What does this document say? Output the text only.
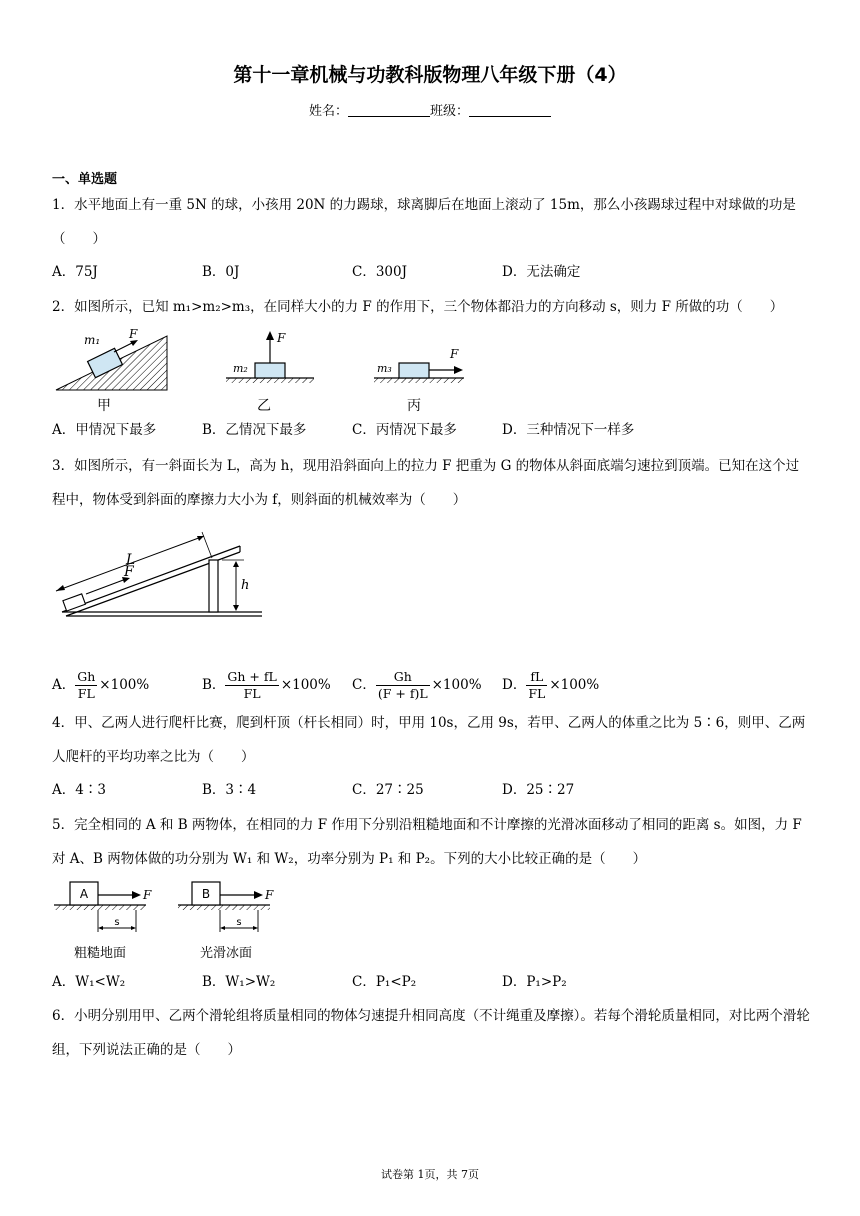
第十一章机械与功教科版物理八年级下册（4）
姓名：	班级：
一、单选题
1．水平地面上有一重 5N 的球，小孩用 20N 的力踢球，球离脚后在地面上滚动了 15m，那么小孩踢球过程中对球做的功是（　　）
A．75J	B．0J	C．300J	D．无法确定
2．如图所示，已知 m₁>m₂>m₃，在同样大小的力 F 的作用下，三个物体都沿力的方向移动 s，则力 F 所做的功（　　）
m₁ F
m₂
F
m₃
F
甲	乙	丙
A．甲情况下最多	B．乙情况下最多	C．丙情况下最多	D．三种情况下一样多
3．如图所示，有一斜面长为 L，高为 h，现用沿斜面向上的拉力 F 把重为 G 的物体从斜面底端匀速拉到顶端。已知在这个过程中，物体受到斜面的摩擦力大小为 f，则斜面的机械效率为（　　）
L
F
h
A． $\frac{Gh}{FL} \times 100\%$	B． $\frac{Gh + fL}{FL} \times 100\%$ C． $\frac{Gh}{(F + f)L} \times 100\%$ D． $\frac{fL}{FL} \times 100\%$
4．甲、乙两人进行爬杆比赛，爬到杆顶（杆长相同）时，甲用 10s，乙用 9s，若甲、乙两人的体重之比为 5∶6，则甲、乙两人爬杆的平均功率之比为（　　）
A．4∶3	B．3∶4	C．27∶25	D．25∶27
5．完全相同的 A 和 B 两物体，在相同的力 F 作用下分别沿粗糙地面和不计摩擦的光滑冰面移动了相同的距离 s。如图，力 F 对 A、B 两物体做的功分别为 W₁ 和 W₂，功率分别为 P₁ 和 P₂。下列的大小比较正确的是（　　）
A	F
s
粗糙地面
B	F
s
光滑冰面
A．W₁<W₂	B．W₁>W₂	C．P₁<P₂	D．P₁>P₂
6．小明分别用甲、乙两个滑轮组将质量相同的物体匀速提升相同高度（不计绳重及摩擦）。若每个滑轮质量相同，对比两个滑轮组，下列说法正确的是（　　）
试卷第 1页，共 7页
